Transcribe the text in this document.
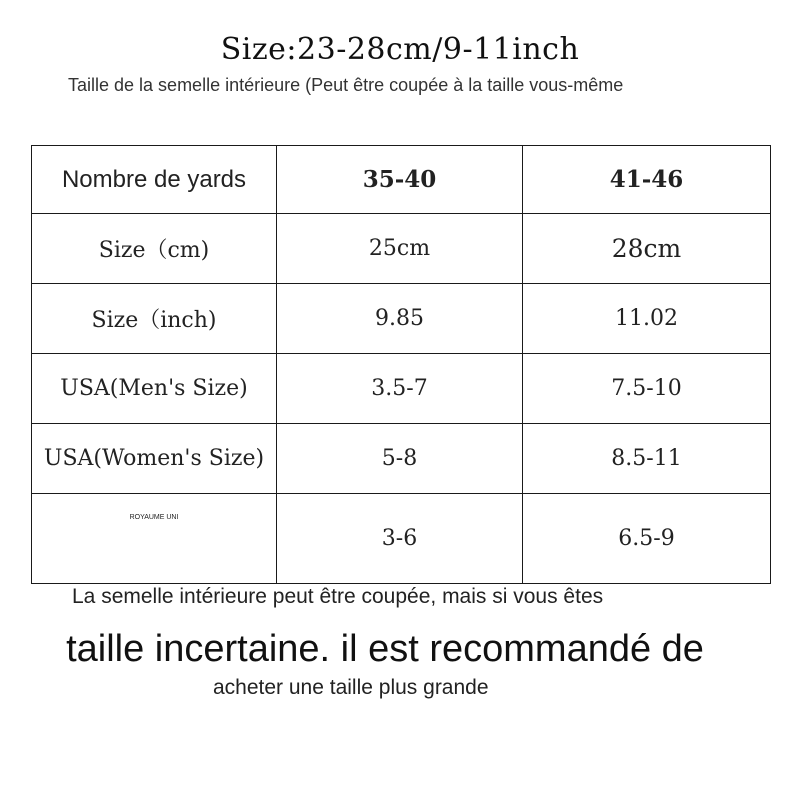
Size:23-28cm/9-11inch
Taille de la semelle intérieure (Peut être coupée à la taille vous-même
Nombre de yards	35-40	41-46
Size（cm)	25cm	28cm
Size（inch)	9.85	11.02
USA(Men's Size)	3.5-7	7.5-10
USA(Women's Size)	5-8	8.5-11
ROYAUME UNI	3-6	6.5-9
La semelle intérieure peut être coupée, mais si vous êtes
taille incertaine. il est recommandé de
acheter une taille plus grande
